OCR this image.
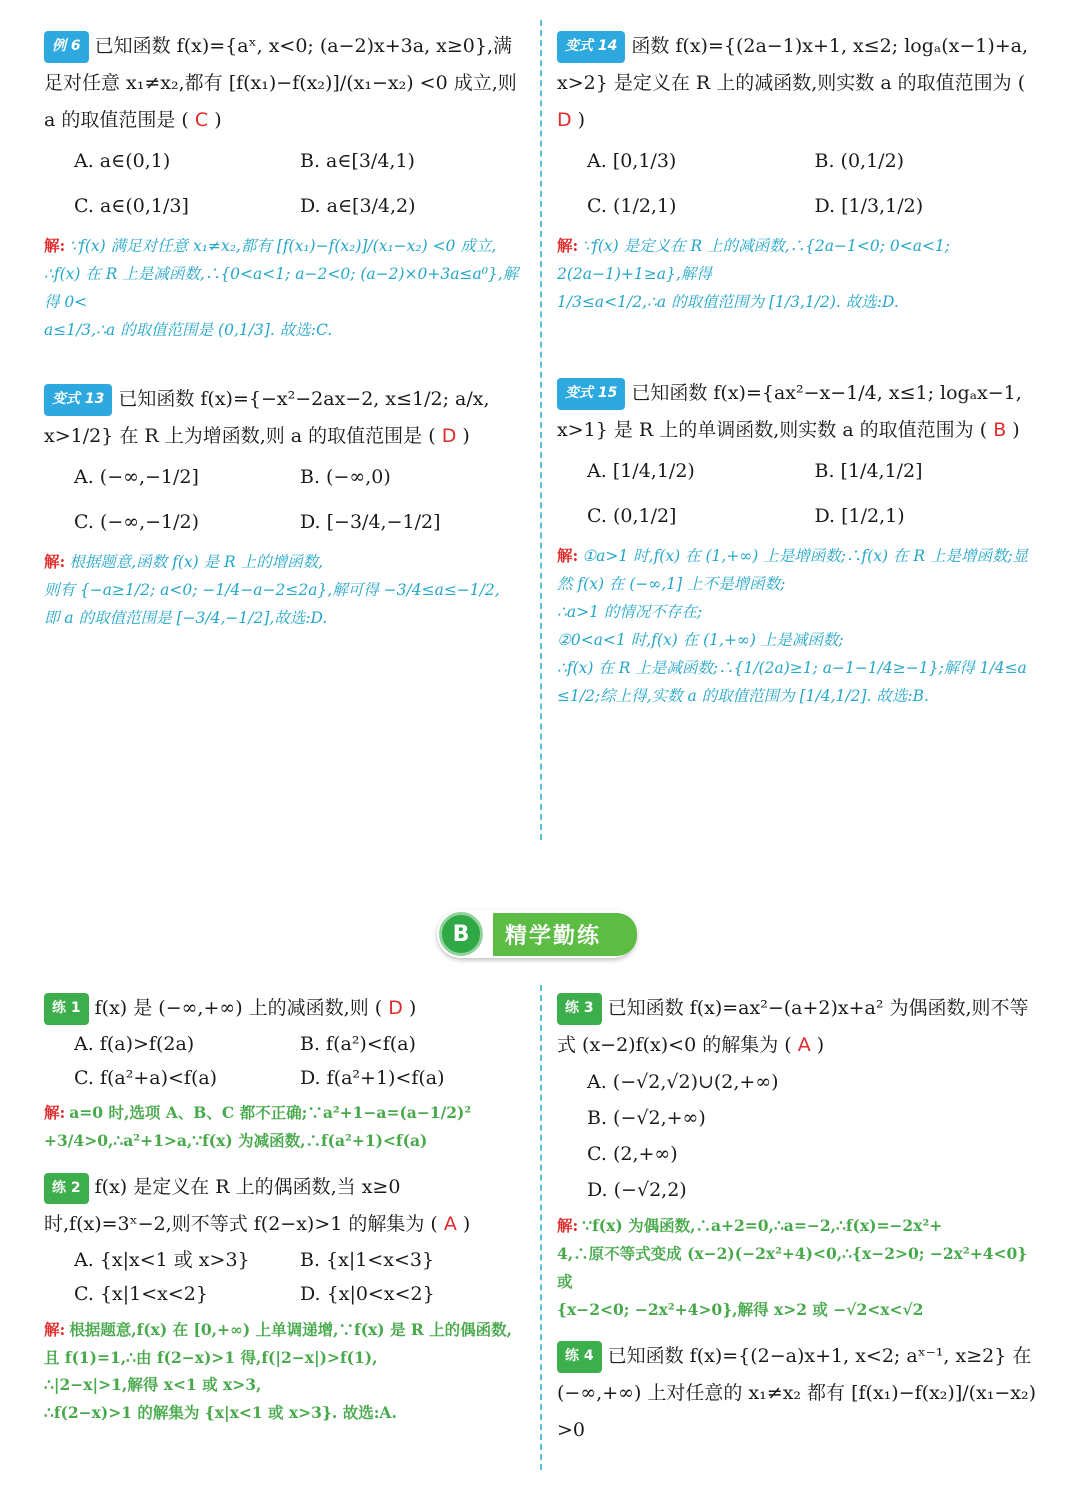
例 6 已知函数 f(x)={aˣ, x<0; (a−2)x+3a, x≥0},满足对任意 x₁≠x₂,都有 [f(x₁)−f(x₂)]/(x₁−x₂) <0 成立,则 a 的取值范围是 ( C )
A. a∈(0,1)	B. a∈[3/4,1)
C. a∈(0,1/3]	D. a∈[3/4,2)

解: ∵f(x) 满足对任意 x₁≠x₂,都有 [f(x₁)−f(x₂)]/(x₁−x₂) <0 成立,

∴f(x) 在 R 上是减函数,∴{0<a<1; a−2<0; (a−2)×0+3a≤a⁰},解得 0<

a≤1/3,∴a 的取值范围是 (0,1/3]. 故选:C.

变式 13 已知函数 f(x)={−x²−2ax−2, x≤1/2; a/x, x>1/2} 在 R 上为增函数,则 a 的取值范围是 ( D )
A. (−∞,−1/2]	B. (−∞,0)
C. (−∞,−1/2)	D. [−3/4,−1/2]

解: 根据题意,函数 f(x) 是 R 上的增函数,

则有 {−a≥1/2; a<0; −1/4−a−2≤2a},解可得 −3/4≤a≤−1/2,

即 a 的取值范围是 [−3/4,−1/2],故选:D.

变式 14 函数 f(x)={(2a−1)x+1, x≤2; logₐ(x−1)+a, x>2} 是定义在 R 上的减函数,则实数 a 的取值范围为 ( D )
A. [0,1/3)	B. (0,1/2)
C. (1/2,1)	D. [1/3,1/2)

解: ∵f(x) 是定义在 R 上的减函数,∴{2a−1<0; 0<a<1; 2(2a−1)+1≥a},解得

1/3≤a<1/2,∴a 的取值范围为 [1/3,1/2). 故选:D.

变式 15 已知函数 f(x)={ax²−x−1/4, x≤1; logₐx−1, x>1} 是 R 上的单调函数,则实数 a 的取值范围为 ( B )
A. [1/4,1/2)	B. [1/4,1/2]
C. (0,1/2]	D. [1/2,1)

解: ①a>1 时,f(x) 在 (1,+∞) 上是增函数;∴f(x) 在 R 上是增函数;显然 f(x) 在 (−∞,1] 上不是增函数;

∴a>1 的情况不存在;

②0<a<1 时,f(x) 在 (1,+∞) 上是减函数;

∴f(x) 在 R 上是减函数;∴{1/(2a)≥1; a−1−1/4≥−1};解得 1/4≤a

≤1/2;综上得,实数 a 的取值范围为 [1/4,1/2]. 故选:B.

B	精学勤练
练 1 f(x) 是 (−∞,+∞) 上的减函数,则 ( D )
A. f(a)>f(2a)	B. f(a²)<f(a)
C. f(a²+a)<f(a)	D. f(a²+1)<f(a)

解: a=0 时,选项 A、B、C 都不正确;∵a²+1−a=(a−1/2)²

+3/4>0,∴a²+1>a,∵f(x) 为减函数,∴f(a²+1)<f(a)

练 2 f(x) 是定义在 R 上的偶函数,当 x≥0 时,f(x)=3ˣ−2,则不等式 f(2−x)>1 的解集为 ( A )
A. {x|x<1 或 x>3}	B. {x|1<x<3}
C. {x|1<x<2}	D. {x|0<x<2}

解: 根据题意,f(x) 在 [0,+∞) 上单调递增,∵f(x) 是 R 上的偶函数,且 f(1)=1,∴由 f(2−x)>1 得,f(|2−x|)>f(1),

∴|2−x|>1,解得 x<1 或 x>3,

∴f(2−x)>1 的解集为 {x|x<1 或 x>3}. 故选:A.

练 3 已知函数 f(x)=ax²−(a+2)x+a² 为偶函数,则不等式 (x−2)f(x)<0 的解集为 ( A )
A. (−√2,√2)∪(2,+∞)
B. (−√2,+∞)
C. (2,+∞)
D. (−√2,2)

解: ∵f(x) 为偶函数,∴a+2=0,∴a=−2,∴f(x)=−2x²+

4,∴原不等式变成 (x−2)(−2x²+4)<0,∴{x−2>0; −2x²+4<0} 或

{x−2<0; −2x²+4>0},解得 x>2 或 −√2<x<√2

练 4 已知函数 f(x)={(2−a)x+1, x<2; aˣ⁻¹, x≥2} 在 (−∞,+∞) 上对任意的 x₁≠x₂ 都有 [f(x₁)−f(x₂)]/(x₁−x₂) >0
